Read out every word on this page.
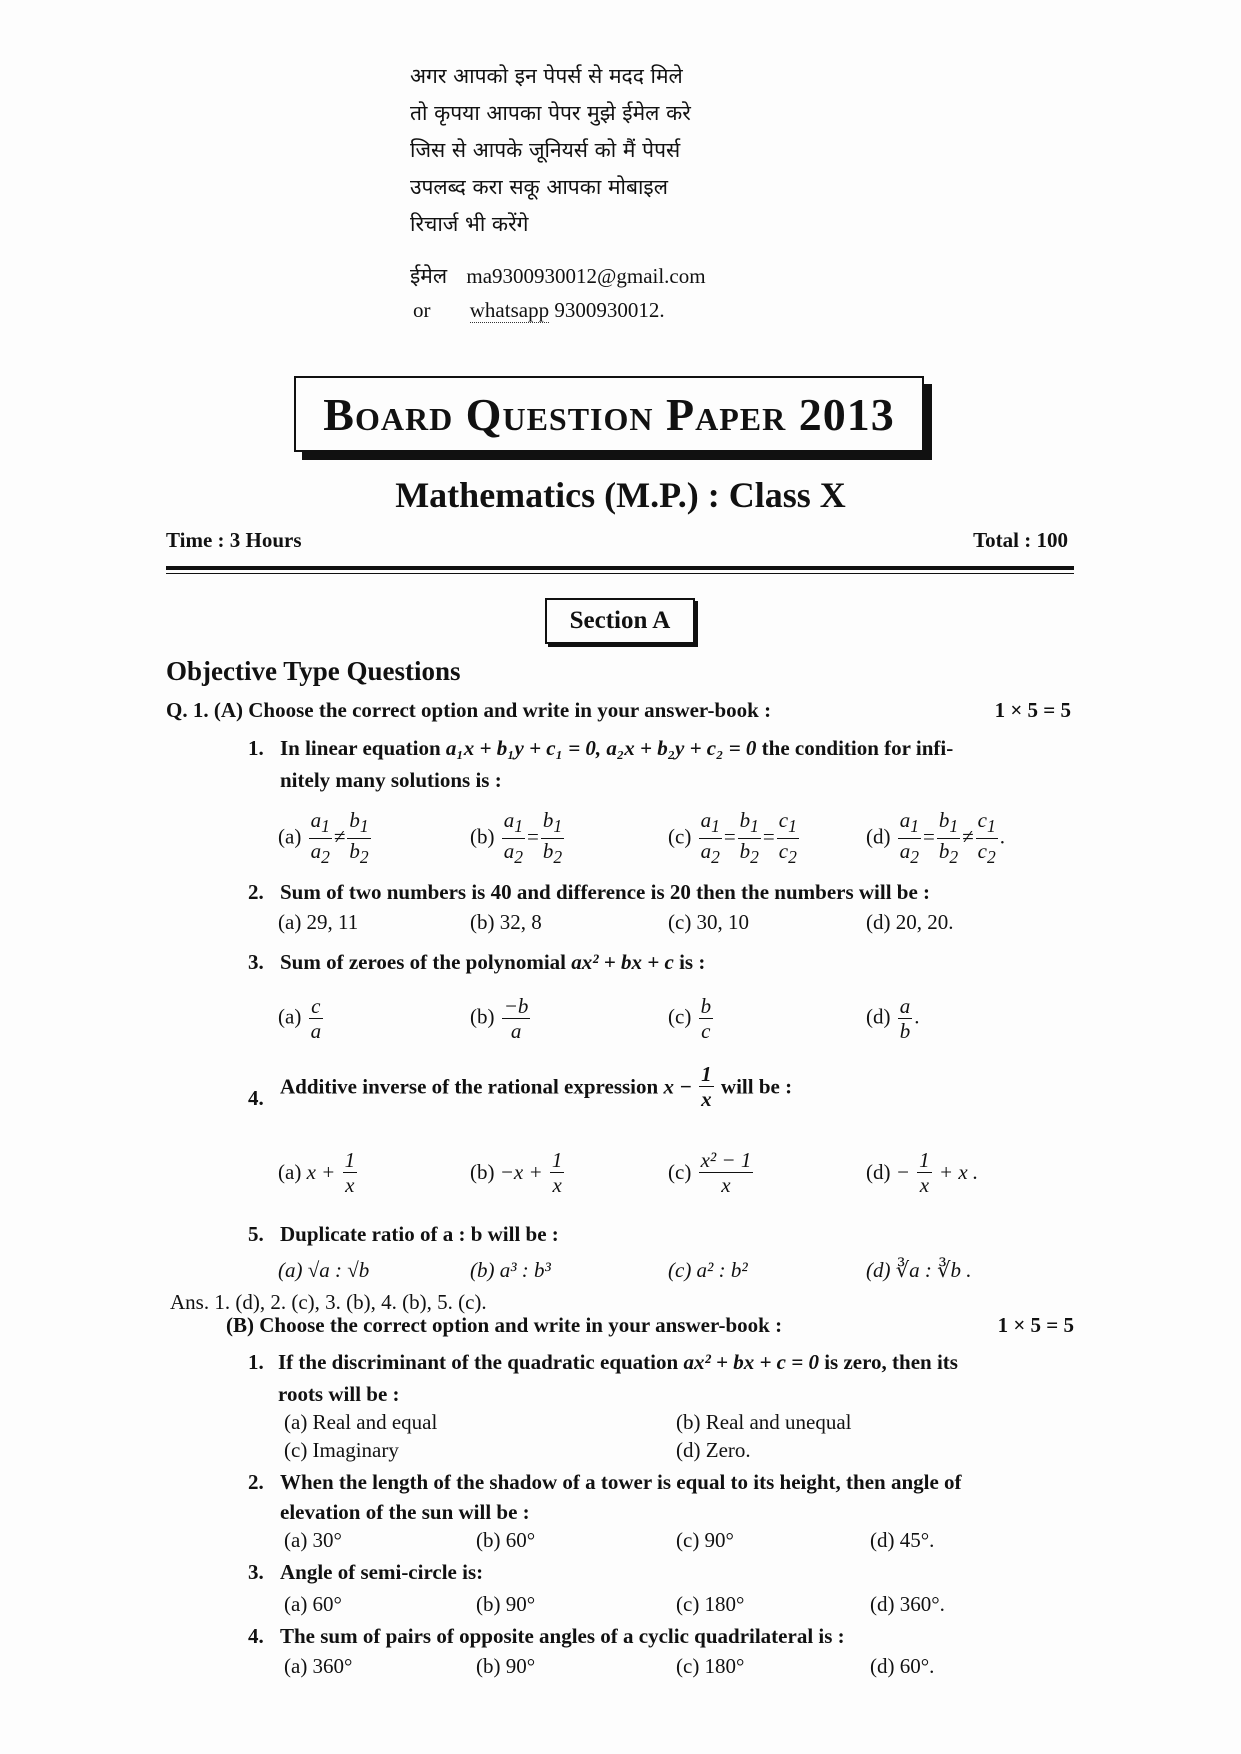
अगर आपको इन पेपर्स से मदद मिले
तो कृपया आपका पेपर मुझे ईमेल करे
जिस से आपके जूनियर्स को मैं पेपर्स
उपलब्द करा सकू आपका मोबाइल
रिचार्ज भी करेंगे
ईमेल ma9300930012@gmail.com
or whatsapp 9300930012.
Board Question Paper 2013
Mathematics (M.P.) : Class X
Time : 3 Hours	Total : 100
Section A
Objective Type Questions
Q. 1. (A) Choose the correct option and write in your answer-book :	1 × 5 = 5
1. In linear equation a₁x + b₁y + c₁ = 0, a₂x + b₂y + c₂ = 0 the condition for infi-
nitely many solutions is :
$(a) \frac{a_1}{a_2} \ne \frac{b_1}{b_2}$	$(b) \frac{a_1}{a_2} = \frac{b_1}{b_2}$	$(c) \frac{a_1}{a_2} = \frac{b_1}{b_2} = \frac{c_1}{c_2}$	$(d) \frac{a_1}{a_2} = \frac{b_1}{b_2} \ne \frac{c_1}{c_2}$ .
2. Sum of two numbers is 40 and difference is 20 then the numbers will be :
(a) 29, 11	(b) 32, 8	(c) 30, 10	(d) 20, 20.
3. Sum of zeroes of the polynomial ax² + bx + c is :
$(a) \frac{c}{a}$	$(b) \frac{-b}{a}$	$(c) \frac{b}{c}$	$(d) \frac{a}{b}$ .
4. Additive inverse of the rational expression $x - \frac{1}{x}$ will be :
(a) $x + \frac{1}{x}$	$(b) -x + \frac{1}{x}$	$(c) \frac{\text{x² − 1}}{x}$	$(d) - \frac{1}{x} + x$ .
5. Duplicate ratio of a : b will be :
(a) √a : √b	(b) a³ : b³	(c) a² : b²	(d) ∛a : ∛b .
Ans. 1. (d), 2. (c), 3. (b), 4. (b), 5. (c).
(B) Choose the correct option and write in your answer-book :	1 × 5 = 5
1. If the discriminant of the quadratic equation ax² + bx + c = 0 is zero, then its
roots will be :
(a) Real and equal	(b) Real and unequal
(c) Imaginary	(d) Zero.
2. When the length of the shadow of a tower is equal to its height, then angle of
elevation of the sun will be :
(a) 30°	(b) 60°	(c) 90°	(d) 45°.
3. Angle of semi-circle is:
(a) 60°	(b) 90°	(c) 180°	(d) 360°.
4. The sum of pairs of opposite angles of a cyclic quadrilateral is :
(a) 360°	(b) 90°	(c) 180°	(d) 60°.
